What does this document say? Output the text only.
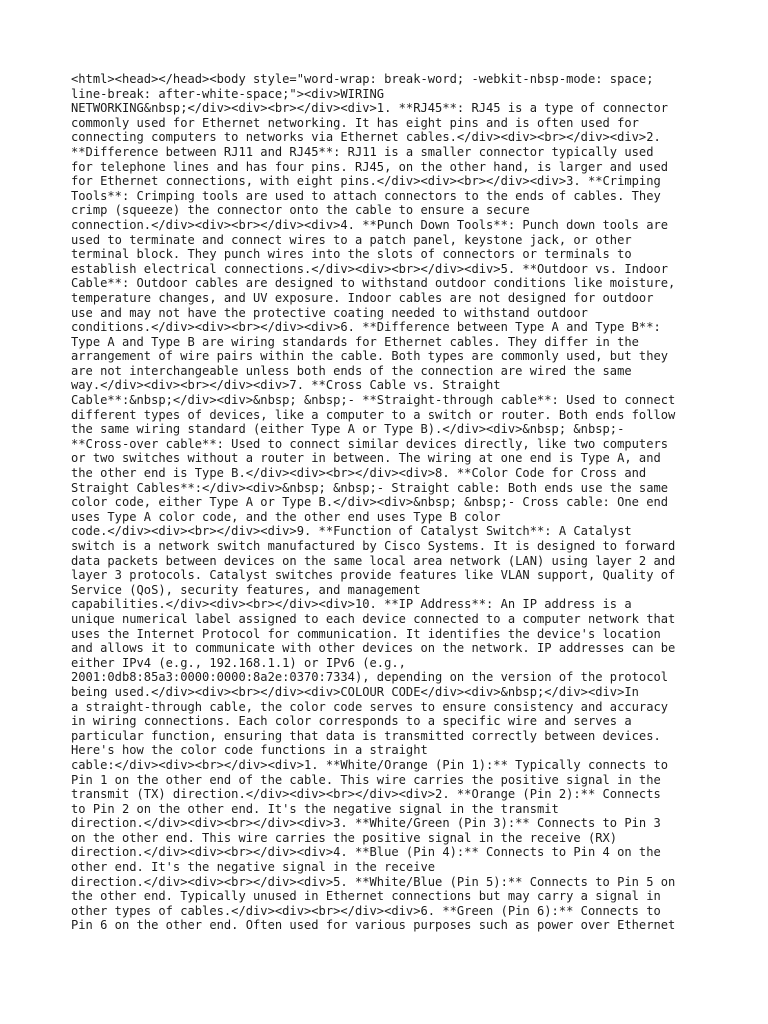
<html><head></head><body style="word-wrap: break-word; -webkit-nbsp-mode: space;
line-break: after-white-space;"><div>WIRING
NETWORKING&nbsp;</div><div><br></div><div>1. **RJ45**: RJ45 is a type of connector
commonly used for Ethernet networking. It has eight pins and is often used for
connecting computers to networks via Ethernet cables.</div><div><br></div><div>2.
**Difference between RJ11 and RJ45**: RJ11 is a smaller connector typically used
for telephone lines and has four pins. RJ45, on the other hand, is larger and used
for Ethernet connections, with eight pins.</div><div><br></div><div>3. **Crimping
Tools**: Crimping tools are used to attach connectors to the ends of cables. They
crimp (squeeze) the connector onto the cable to ensure a secure
connection.</div><div><br></div><div>4. **Punch Down Tools**: Punch down tools are
used to terminate and connect wires to a patch panel, keystone jack, or other
terminal block. They punch wires into the slots of connectors or terminals to
establish electrical connections.</div><div><br></div><div>5. **Outdoor vs. Indoor
Cable**: Outdoor cables are designed to withstand outdoor conditions like moisture,
temperature changes, and UV exposure. Indoor cables are not designed for outdoor
use and may not have the protective coating needed to withstand outdoor
conditions.</div><div><br></div><div>6. **Difference between Type A and Type B**:
Type A and Type B are wiring standards for Ethernet cables. They differ in the
arrangement of wire pairs within the cable. Both types are commonly used, but they
are not interchangeable unless both ends of the connection are wired the same
way.</div><div><br></div><div>7. **Cross Cable vs. Straight
Cable**:&nbsp;</div><div>&nbsp; &nbsp;- **Straight-through cable**: Used to connect
different types of devices, like a computer to a switch or router. Both ends follow
the same wiring standard (either Type A or Type B).</div><div>&nbsp; &nbsp;-
**Cross-over cable**: Used to connect similar devices directly, like two computers
or two switches without a router in between. The wiring at one end is Type A, and
the other end is Type B.</div><div><br></div><div>8. **Color Code for Cross and
Straight Cables**:</div><div>&nbsp; &nbsp;- Straight cable: Both ends use the same
color code, either Type A or Type B.</div><div>&nbsp; &nbsp;- Cross cable: One end
uses Type A color code, and the other end uses Type B color
code.</div><div><br></div><div>9. **Function of Catalyst Switch**: A Catalyst
switch is a network switch manufactured by Cisco Systems. It is designed to forward
data packets between devices on the same local area network (LAN) using layer 2 and
layer 3 protocols. Catalyst switches provide features like VLAN support, Quality of
Service (QoS), security features, and management
capabilities.</div><div><br></div><div>10. **IP Address**: An IP address is a
unique numerical label assigned to each device connected to a computer network that
uses the Internet Protocol for communication. It identifies the device's location
and allows it to communicate with other devices on the network. IP addresses can be
either IPv4 (e.g., 192.168.1.1) or IPv6 (e.g.,
2001:0db8:85a3:0000:0000:8a2e:0370:7334), depending on the version of the protocol
being used.</div><div><br></div><div>COLOUR CODE</div><div>&nbsp;</div><div>In
a straight-through cable, the color code serves to ensure consistency and accuracy
in wiring connections. Each color corresponds to a specific wire and serves a
particular function, ensuring that data is transmitted correctly between devices.
Here's how the color code functions in a straight
cable:</div><div><br></div><div>1. **White/Orange (Pin 1):** Typically connects to
Pin 1 on the other end of the cable. This wire carries the positive signal in the
transmit (TX) direction.</div><div><br></div><div>2. **Orange (Pin 2):** Connects
to Pin 2 on the other end. It's the negative signal in the transmit
direction.</div><div><br></div><div>3. **White/Green (Pin 3):** Connects to Pin 3
on the other end. This wire carries the positive signal in the receive (RX)
direction.</div><div><br></div><div>4. **Blue (Pin 4):** Connects to Pin 4 on the
other end. It's the negative signal in the receive
direction.</div><div><br></div><div>5. **White/Blue (Pin 5):** Connects to Pin 5 on
the other end. Typically unused in Ethernet connections but may carry a signal in
other types of cables.</div><div><br></div><div>6. **Green (Pin 6):** Connects to
Pin 6 on the other end. Often used for various purposes such as power over Ethernet
